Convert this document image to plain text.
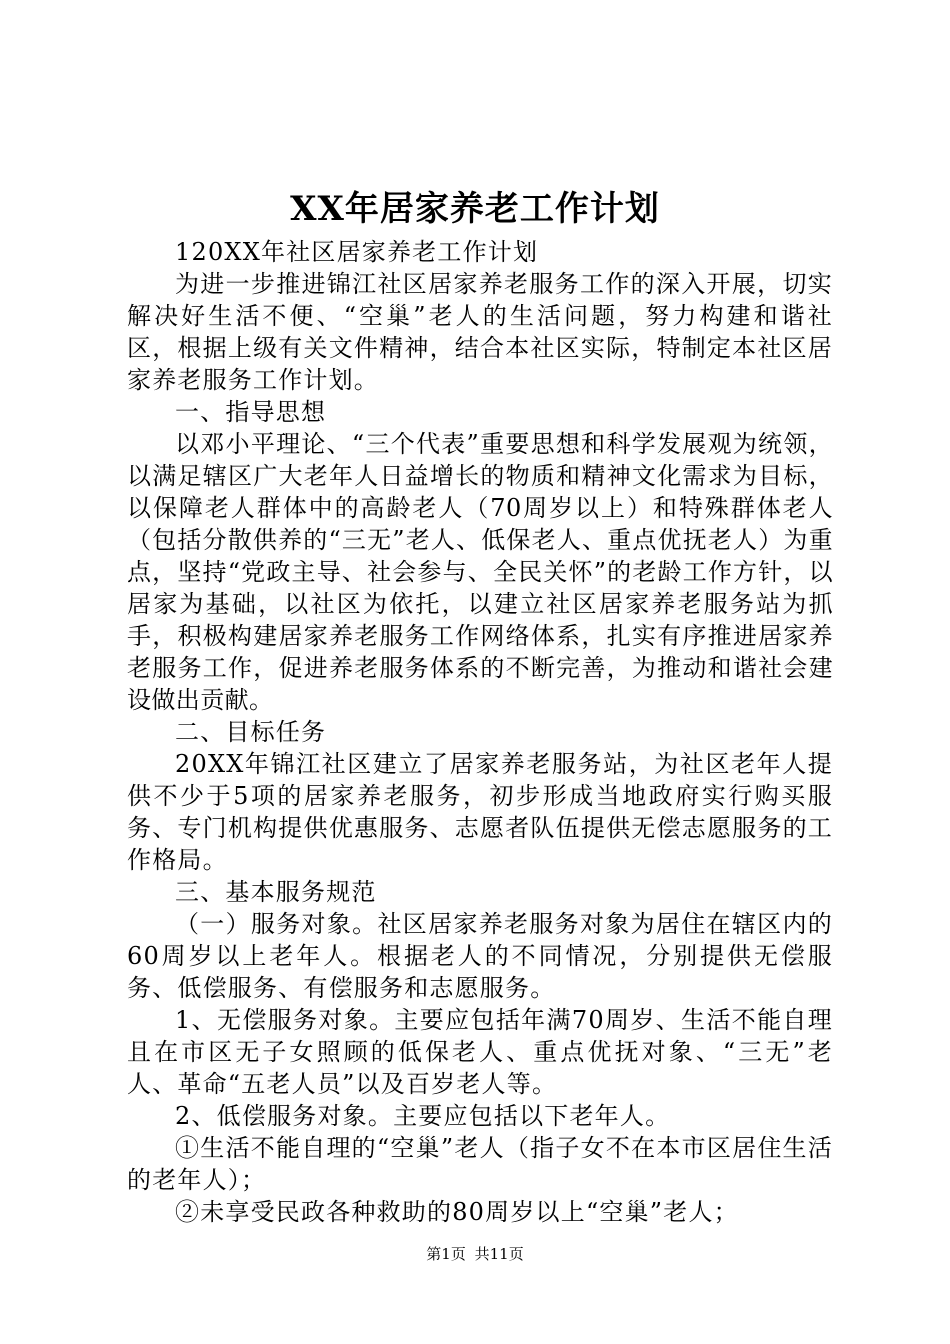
XX年居家养老工作计划

120XX年社区居家养老工作计划

为进一步推进锦江社区居家养老服务工作的深入开展，切实解决好生活不便、“空巢”老人的生活问题，努力构建和谐社区，根据上级有关文件精神，结合本社区实际，特制定本社区居家养老服务工作计划。

一、指导思想

以邓小平理论、“三个代表”重要思想和科学发展观为统领，以满足辖区广大老年人日益增长的物质和精神文化需求为目标，以保障老人群体中的高龄老人（70周岁以上）和特殊群体老人（包括分散供养的“三无”老人、低保老人、重点优抚老人）为重点，坚持“党政主导、社会参与、全民关怀”的老龄工作方针，以居家为基础，以社区为依托，以建立社区居家养老服务站为抓手，积极构建居家养老服务工作网络体系，扎实有序推进居家养老服务工作，促进养老服务体系的不断完善，为推动和谐社会建设做出贡献。

二、目标任务

20XX年锦江社区建立了居家养老服务站，为社区老年人提供不少于5项的居家养老服务，初步形成当地政府实行购买服务、专门机构提供优惠服务、志愿者队伍提供无偿志愿服务的工作格局。

三、基本服务规范

（一）服务对象。社区居家养老服务对象为居住在辖区内的60周岁以上老年人。根据老人的不同情况，分别提供无偿服务、低偿服务、有偿服务和志愿服务。

1、无偿服务对象。主要应包括年满70周岁、生活不能自理且在市区无子女照顾的低保老人、重点优抚对象、“三无”老人、革命“五老人员”以及百岁老人等。

2、低偿服务对象。主要应包括以下老年人。

①生活不能自理的“空巢”老人（指子女不在本市区居住生活的老年人）；

②未享受民政各种救助的80周岁以上“空巢”老人；

第1页 共11页
